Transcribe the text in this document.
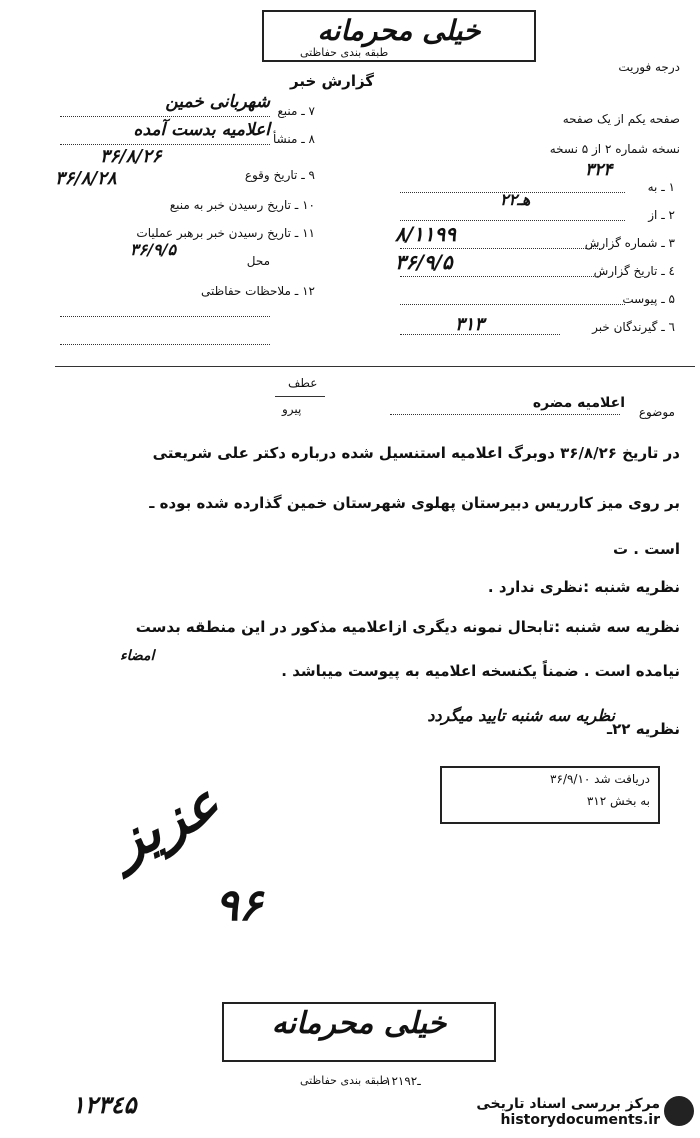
خیلی محرمانه
طبقه بندی حفاظتی
درجه فوریت
گزارش خبر
۷ ـ منبع
شهربانی خمین
۸ ـ منشأ
اعلامیه بدست آمده
۳۶/۸/۲۶
۹ ـ تاریخ وقوع
۳۶/۸/۲۸
۱۰ ـ تاریخ رسیدن خبر به منبع
۱۱ ـ تاریخ رسیدن خبر برهبر عملیات
۳۶/۹/۵
محل
۱۲ ـ ملاحظات حفاظتی
صفحه یکم از یک صفحه
نسخه شماره ۲ از ۵ نسخه
۱ ـ به
۳۲۴
۲ ـ از
۲۲هـ
۳ ـ شماره گزارش
۸/۱۱۹۹
٤ ـ تاریخ گزارش
۳۶/۹/۵
۵ ـ پیوست
٦ ـ گیرندگان خبر
۳۱۳
عطف
پیرو	موضوع
اعلامیه مضره
در تاریخ ۳۶/۸/۲۶ دوبرگ اعلامیه استنسیل شده درباره دکتر علی شریعتی
بر روی میز کارریس دبیرستان پهلوی شهرستان خمین گذارده شده بوده ـ
است . ت
نظریه شنبه :نظری ندارد .
نظریه سه شنبه :تابحال نمونه دیگری ازاعلامیه مذکور در این منطقه بدست
نیامده است . ضمناً یکنسخه اعلامیه به پیوست میباشد .
امضاء
نظریه ۲۲ـ
نظریه سه شنبه تایید میگردد
دریافت شد ۳۶/۹/۱۰
به بخش ۳۱۲
عزیز
۹۶
خیلی محرمانه
طبقه بندی حفاظتی
۱۲۱ـ۹۲
۱۲۳٤۵	مرکز بررسی اسناد تاریخی
historydocuments.ir
